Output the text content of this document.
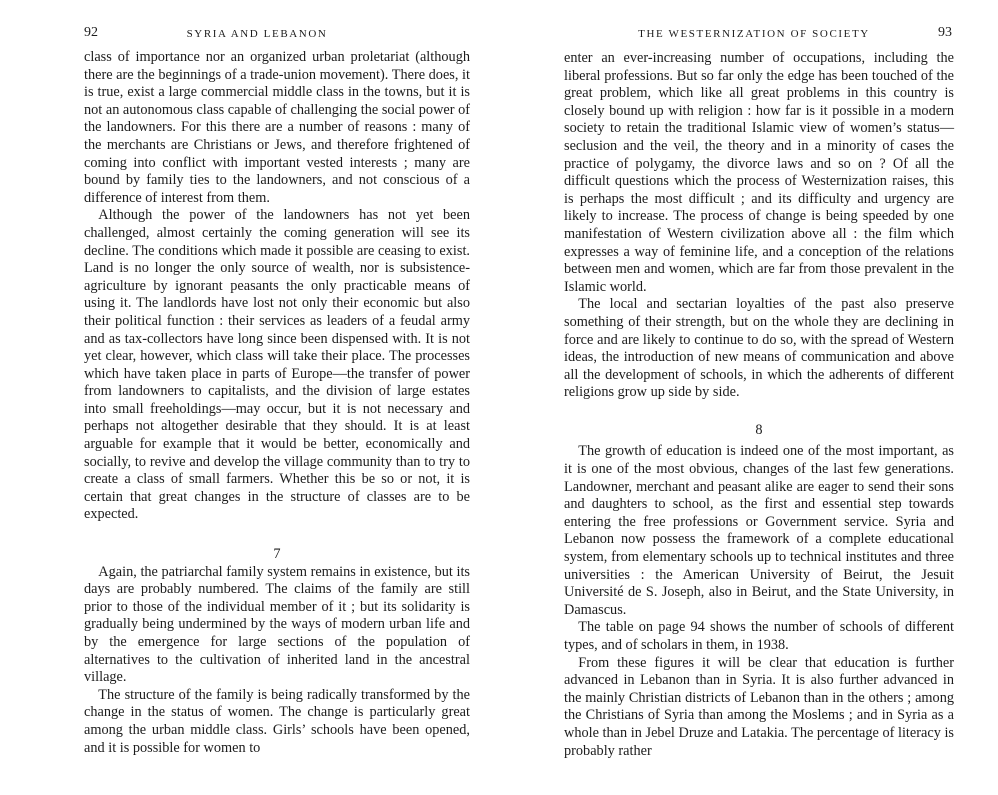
92	SYRIA AND LEBANON

class of importance nor an organized urban proletariat (although there are the beginnings of a trade-union movement). There does, it is true, exist a large commercial middle class in the towns, but it is not an autonomous class capable of challenging the social power of the landowners. For this there are a number of reasons : many of the merchants are Christians or Jews, and therefore frightened of coming into conflict with important vested interests ; many are bound by family ties to the landowners, and not conscious of a difference of interest from them.

Although the power of the landowners has not yet been challenged, almost certainly the coming generation will see its decline. The conditions which made it possible are ceasing to exist. Land is no longer the only source of wealth, nor is subsistence-agriculture by ignorant peasants the only practicable means of using it. The landlords have lost not only their economic but also their political function : their services as leaders of a feudal army and as tax-collectors have long since been dispensed with. It is not yet clear, however, which class will take their place. The processes which have taken place in parts of Europe—the transfer of power from landowners to capitalists, and the division of large estates into small freeholdings—may occur, but it is not necessary and perhaps not altogether desirable that they should. It is at least arguable for example that it would be better, economically and socially, to revive and develop the village community than to try to create a class of small farmers. Whether this be so or not, it is certain that great changes in the structure of classes are to be expected.

7

Again, the patriarchal family system remains in existence, but its days are probably numbered. The claims of the family are still prior to those of the individual member of it ; but its solidarity is gradually being undermined by the ways of modern urban life and by the emergence for large sections of the population of alternatives to the cultivation of inherited land in the ancestral village.

The structure of the family is being radically transformed by the change in the status of women. The change is particularly great among the urban middle class. Girls’ schools have been opened, and it is possible for women to

THE WESTERNIZATION OF SOCIETY	93

enter an ever-increasing number of occupations, including the liberal professions. But so far only the edge has been touched of the great problem, which like all great problems in this country is closely bound up with religion : how far is it possible in a modern society to retain the traditional Islamic view of women’s status—seclusion and the veil, the theory and in a minority of cases the practice of polygamy, the divorce laws and so on ? Of all the difficult questions which the process of Westernization raises, this is perhaps the most difficult ; and its difficulty and urgency are likely to increase. The process of change is being speeded by one manifestation of Western civilization above all : the film which expresses a way of feminine life, and a conception of the relations between men and women, which are far from those prevalent in the Islamic world.

The local and sectarian loyalties of the past also preserve something of their strength, but on the whole they are declining in force and are likely to continue to do so, with the spread of Western ideas, the introduction of new means of communication and above all the development of schools, in which the adherents of different religions grow up side by side.

8

The growth of education is indeed one of the most important, as it is one of the most obvious, changes of the last few generations. Landowner, merchant and peasant alike are eager to send their sons and daughters to school, as the first and essential step towards entering the free professions or Government service. Syria and Lebanon now possess the framework of a complete educational system, from elementary schools up to technical institutes and three universities : the American University of Beirut, the Jesuit Université de S. Joseph, also in Beirut, and the State University, in Damascus.

The table on page 94 shows the number of schools of different types, and of scholars in them, in 1938.

From these figures it will be clear that education is further advanced in Lebanon than in Syria. It is also further advanced in the mainly Christian districts of Lebanon than in the others ; among the Christians of Syria than among the Moslems ; and in Syria as a whole than in Jebel Druze and Latakia. The percentage of literacy is probably rather
